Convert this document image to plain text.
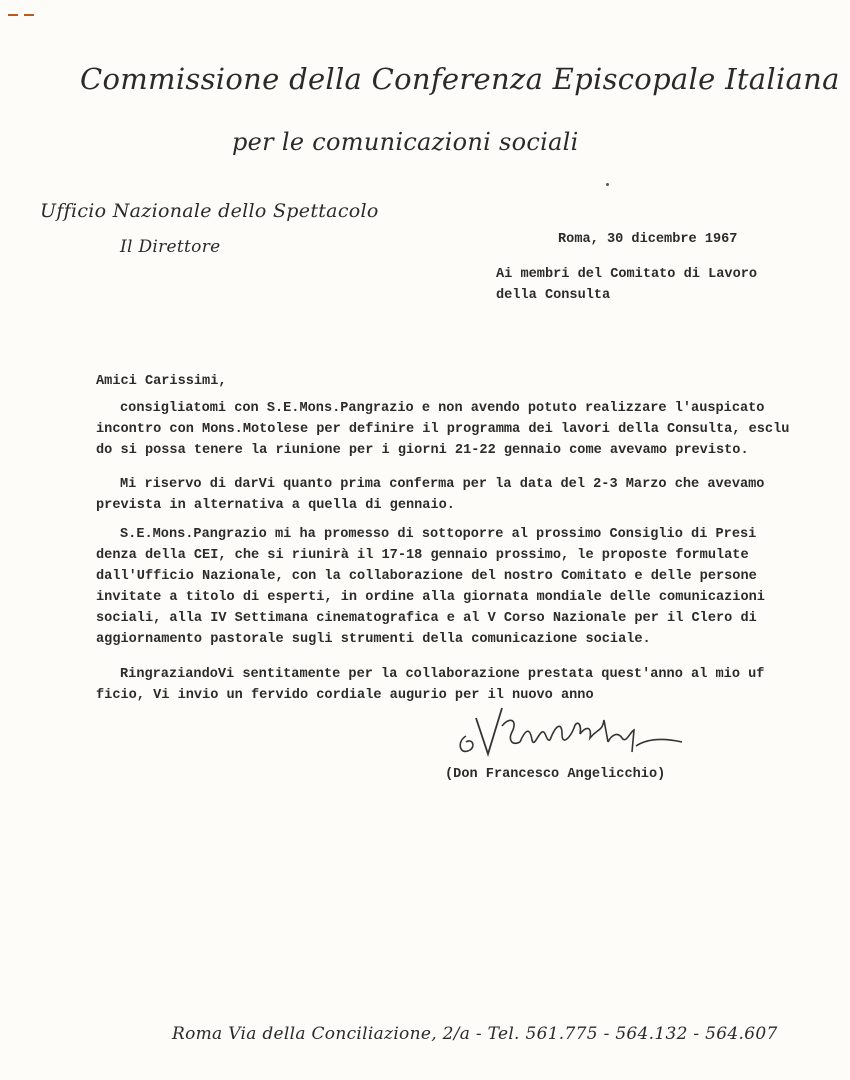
Commissione della Conferenza Episcopale Italiana
per le comunicazioni sociali
Ufficio Nazionale dello Spettacolo
Il Direttore	Roma, 30 dicembre 1967
Ai membri del Comitato di Lavoro
della Consulta
Amici Carissimi,
consigliatomi con S.E.Mons.Pangrazio e non avendo potuto realizzare l'auspicato
incontro con Mons.Motolese per definire il programma dei lavori della Consulta, esclu
do si possa tenere la riunione per i giorni 21-22 gennaio come avevamo previsto.
Mi riservo di darVi quanto prima conferma per la data del 2-3 Marzo che avevamo
prevista in alternativa a quella di gennaio.
S.E.Mons.Pangrazio mi ha promesso di sottoporre al prossimo Consiglio di Presi
denza della CEI, che si riunirà il 17-18 gennaio prossimo, le proposte formulate
dall'Ufficio Nazionale, con la collaborazione del nostro Comitato e delle persone
invitate a titolo di esperti, in ordine alla giornata mondiale delle comunicazioni
sociali, alla IV Settimana cinematografica e al V Corso Nazionale per il Clero di
aggiornamento pastorale sugli strumenti della comunicazione sociale.
RingraziandoVi sentitamente per la collaborazione prestata quest'anno al mio uf
ficio, Vi invio un fervido cordiale augurio per il nuovo anno
(Don Francesco Angelicchio)
Roma Via della Conciliazione, 2/a - Tel. 561.775 - 564.132 - 564.607
